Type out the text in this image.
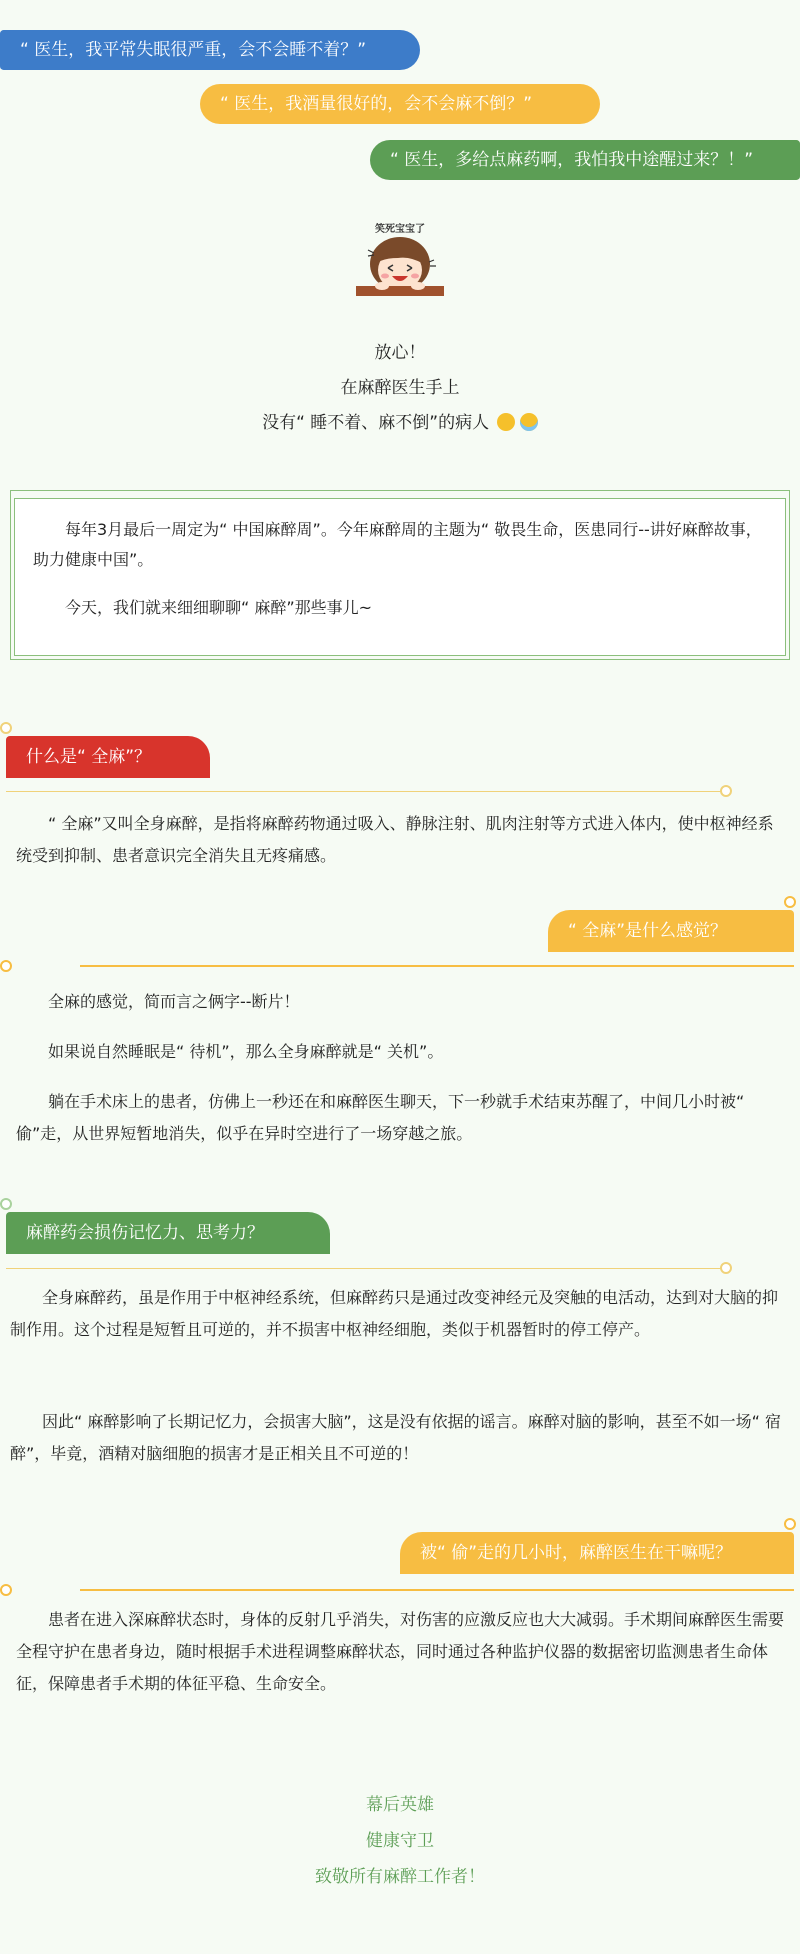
“ 医生，我平常失眠很严重，会不会睡不着？”
“ 医生，我酒量很好的，会不会麻不倒？”
“ 医生，多给点麻药啊，我怕我中途醒过来？！”
笑死宝宝了
放心！
在麻醉医生手上
没有“ 睡不着、麻不倒”的病人

每年3月最后一周定为“ 中国麻醉周”。今年麻醉周的主题为“ 敬畏生命，医患同行--讲好麻醉故事，助力健康中国”。

今天，我们就来细细聊聊“ 麻醉”那些事儿~

什么是“ 全麻”？

“ 全麻”又叫全身麻醉，是指将麻醉药物通过吸入、静脉注射、肌肉注射等方式进入体内，使中枢神经系统受到抑制、患者意识完全消失且无疼痛感。

“ 全麻”是什么感觉？

全麻的感觉，简而言之俩字--断片！

如果说自然睡眠是“ 待机”，那么全身麻醉就是“ 关机”。

躺在手术床上的患者，仿佛上一秒还在和麻醉医生聊天，下一秒就手术结束苏醒了，中间几小时被“ 偷”走，从世界短暂地消失，似乎在异时空进行了一场穿越之旅。

麻醉药会损伤记忆力、思考力？

全身麻醉药，虽是作用于中枢神经系统，但麻醉药只是通过改变神经元及突触的电活动，达到对大脑的抑制作用。这个过程是短暂且可逆的，并不损害中枢神经细胞，类似于机器暂时的停工停产。

因此“ 麻醉影响了长期记忆力，会损害大脑”，这是没有依据的谣言。麻醉对脑的影响，甚至不如一场“ 宿醉”，毕竟，酒精对脑细胞的损害才是正相关且不可逆的！

被“ 偷”走的几小时，麻醉医生在干嘛呢？

患者在进入深麻醉状态时，身体的反射几乎消失，对伤害的应激反应也大大减弱。手术期间麻醉医生需要全程守护在患者身边，随时根据手术进程调整麻醉状态，同时通过各种监护仪器的数据密切监测患者生命体征，保障患者手术期的体征平稳、生命安全。

幕后英雄
健康守卫
致敬所有麻醉工作者！
